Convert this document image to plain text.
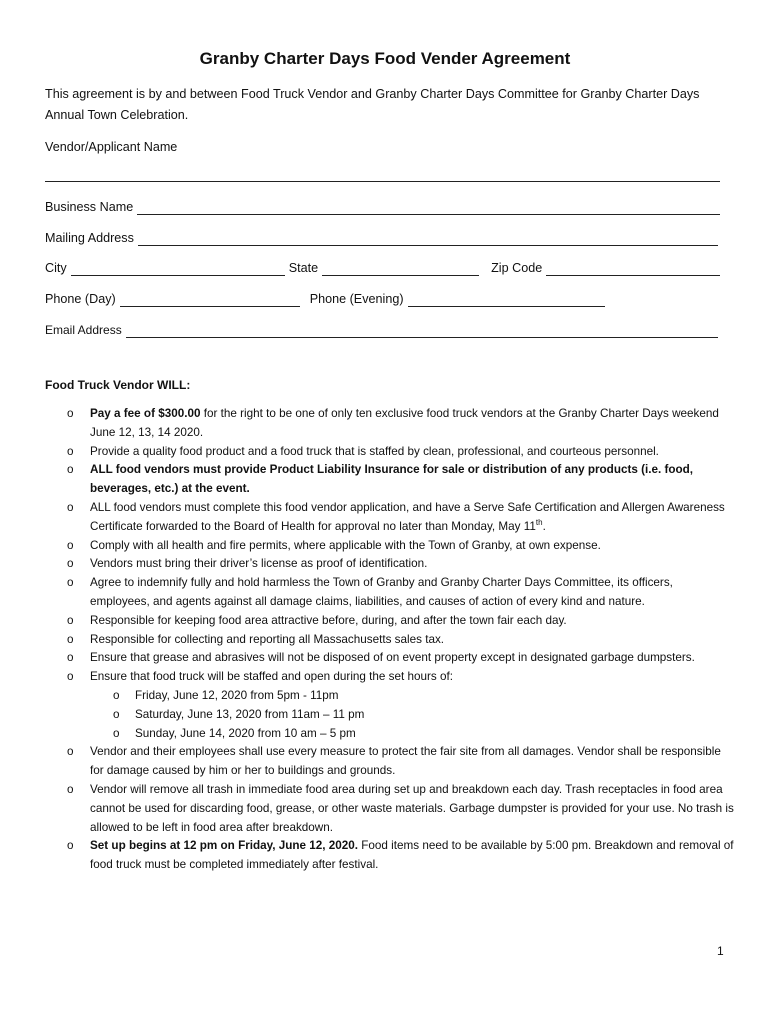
Granby Charter Days Food Vender Agreement
This agreement is by and between Food Truck Vendor and Granby Charter Days Committee for Granby Charter Days Annual Town Celebration.
Vendor/Applicant Name
Business Name
Mailing Address
City	State	Zip Code
Phone (Day)	Phone (Evening)
Email Address
Food Truck Vendor WILL:
o Pay a fee of $300.00 for the right to be one of only ten exclusive food truck vendors at the Granby Charter Days weekend June 12, 13, 14 2020.
o Provide a quality food product and a food truck that is staffed by clean, professional, and courteous personnel.
o ALL food vendors must provide Product Liability Insurance for sale or distribution of any products (i.e. food, beverages, etc.) at the event.
o ALL food vendors must complete this food vendor application, and have a Serve Safe Certification and Allergen Awareness Certificate forwarded to the Board of Health for approval no later than Monday, May 11th.
o Comply with all health and fire permits, where applicable with the Town of Granby, at own expense.
o Vendors must bring their driver’s license as proof of identification.
o Agree to indemnify fully and hold harmless the Town of Granby and Granby Charter Days Committee, its officers, employees, and agents against all damage claims, liabilities, and causes of action of every kind and nature.
o Responsible for keeping food area attractive before, during, and after the town fair each day.
o Responsible for collecting and reporting all Massachusetts sales tax.
o Ensure that grease and abrasives will not be disposed of on event property except in designated garbage dumpsters.
o Ensure that food truck will be staffed and open during the set hours of:
o Friday, June 12, 2020 from 5pm - 11pm
o Saturday, June 13, 2020 from 11am – 11 pm
o Sunday, June 14, 2020 from 10 am – 5 pm
o Vendor and their employees shall use every measure to protect the fair site from all damages. Vendor shall be responsible for damage caused by him or her to buildings and grounds.
o Vendor will remove all trash in immediate food area during set up and breakdown each day. Trash receptacles in food area cannot be used for discarding food, grease, or other waste materials. Garbage dumpster is provided for your use. No trash is allowed to be left in food area after breakdown.
o Set up begins at 12 pm on Friday, June 12, 2020. Food items need to be available by 5:00 pm. Breakdown and removal of food truck must be completed immediately after festival.
1
